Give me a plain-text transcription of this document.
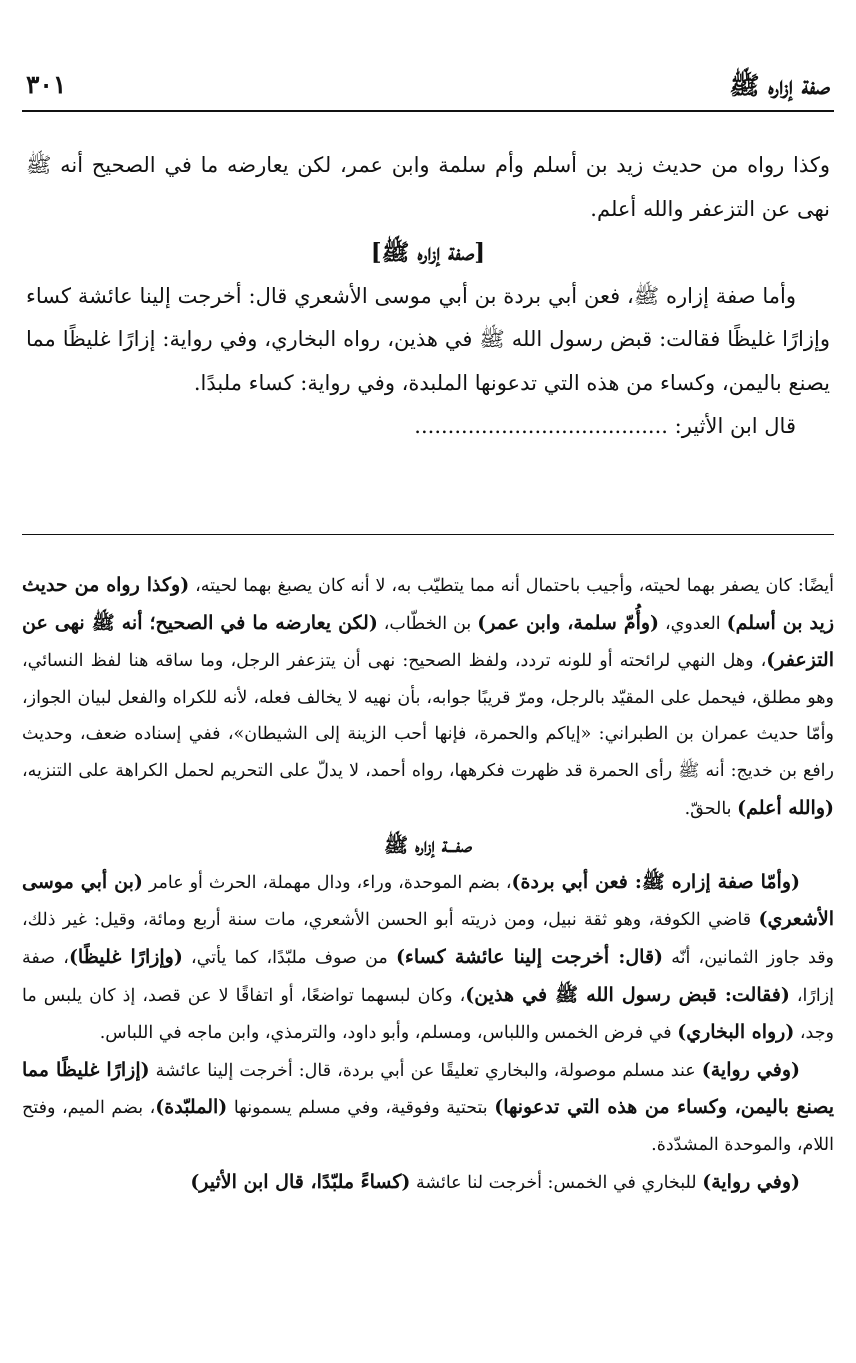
صفة إزاره ﷺ
٣٠١

وكذا رواه من حديث زيد بن أسلم وأم سلمة وابن عمر، لكن يعارضه ما في الصحيح أنه ﷺ نهى عن التزعفر والله أعلم.

[صفة إزاره ﷺ]

وأما صفة إزاره ﷺ، فعن أبي بردة بن أبي موسى الأشعري قال: أخرجت إلينا عائشة كساء وإزارًا غليظًا فقالت: قبض رسول الله ﷺ في هذين، رواه البخاري، وفي رواية: إزارًا غليظًا مما يصنع باليمن، وكساء من هذه التي تدعونها الملبدة، وفي رواية: كساء ملبدًا.

قال ابن الأثير: ......................................

أيضًا: كان يصفر بهما لحيته، وأجيب باحتمال أنه مما يتطيّب به، لا أنه كان يصبغ بهما لحيته، (وكذا رواه من حديث زيد بن أسلم) العدوي، (وأُمّ سلمة، وابن عمر) بن الخطّاب، (لكن يعارضه ما في الصحيح؛ أنه ﷺ نهى عن التزعفر)، وهل النهي لرائحته أو للونه تردد، ولفظ الصحيح: نهى أن يتزعفر الرجل، وما ساقه هنا لفظ النسائي، وهو مطلق، فيحمل على المقيّد بالرجل، ومرّ قريبًا جوابه، بأن نهيه لا يخالف فعله، لأنه للكراه والفعل لبيان الجواز، وأمّا حديث عمران بن الطبراني: «إياكم والحمرة، فإنها أحب الزينة إلى الشيطان»، ففي إسناده ضعف، وحديث رافع بن خديج: أنه ﷺ رأى الحمرة قد ظهرت فكرهها، رواه أحمد، لا يدلّ على التحريم لحمل الكراهة على التنزيه، (والله أعلم) بالحقّ.

صفـــة إزاره ﷺ

(وأمّا صفة إزاره ﷺ: فعن أبي بردة)، بضم الموحدة، وراء، ودال مهملة، الحرث أو عامر (بن أبي موسى الأشعري) قاضي الكوفة، وهو ثقة نبيل، ومن ذريته أبو الحسن الأشعري، مات سنة أربع ومائة، وقيل: غير ذلك، وقد جاوز الثمانين، أنّه (قال: أخرجت إلينا عائشة كساء) من صوف ملبّدًا، كما يأتي، (وإزارًا غليظًا)، صفة إزارًا، (فقالت: قبض رسول الله ﷺ في هذين)، وكان لبسهما تواضعًا، أو اتفاقًا لا عن قصد، إذ كان يلبس ما وجد، (رواه البخاري) في فرض الخمس واللباس، ومسلم، وأبو داود، والترمذي، وابن ماجه في اللباس.

(وفي رواية) عند مسلم موصولة، والبخاري تعليقًا عن أبي بردة، قال: أخرجت إلينا عائشة (إزارًا غليظًا مما يصنع باليمن، وكساء من هذه التي تدعونها) بتحتية وفوقية، وفي مسلم يسمونها (الملبّدة)، بضم الميم، وفتح اللام، والموحدة المشدّدة.

(وفي رواية) للبخاري في الخمس: أخرجت لنا عائشة (كساءً ملبّدًا، قال ابن الأثير)
